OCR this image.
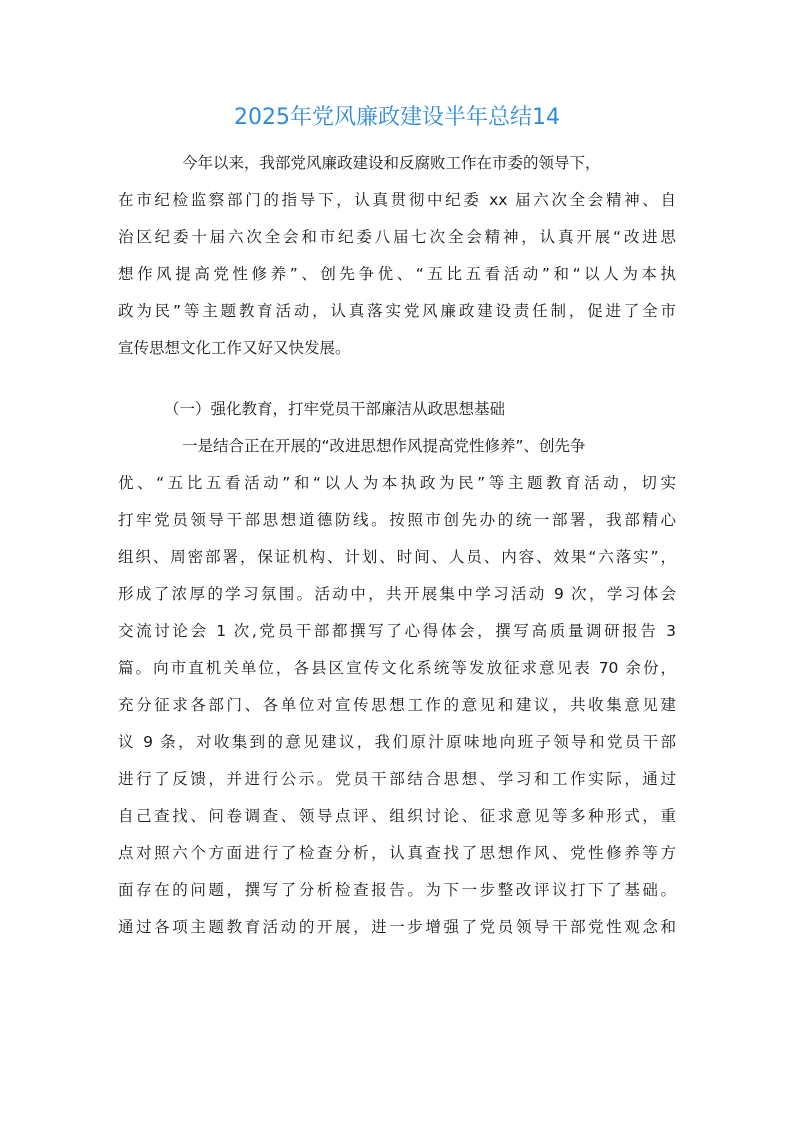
2025年党风廉政建设半年总结14
今年以来，我部党风廉政建设和反腐败工作在市委的领导下，
在市纪检监察部门的指导下，认真贯彻中纪委 xx 届六次全会精神、自
治区纪委十届六次全会和市纪委八届七次全会精神，认真开展“改进思
想作风提高党性修养”、创先争优、“五比五看活动”和“以人为本执
政为民”等主题教育活动，认真落实党风廉政建设责任制，促进了全市
宣传思想文化工作又好又快发展。
（一）强化教育，打牢党员干部廉洁从政思想基础
一是结合正在开展的“改进思想作风提高党性修养”、创先争
优、“五比五看活动”和“以人为本执政为民”等主题教育活动，切实
打牢党员领导干部思想道德防线。按照市创先办的统一部署，我部精心
组织、周密部署，保证机构、计划、时间、人员、内容、效果“六落实”，
形成了浓厚的学习氛围。活动中，共开展集中学习活动 9 次，学习体会
交流讨论会 1 次,党员干部都撰写了心得体会，撰写高质量调研报告 3
篇。向市直机关单位，各县区宣传文化系统等发放征求意见表 70 余份，
充分征求各部门、各单位对宣传思想工作的意见和建议，共收集意见建
议 9 条，对收集到的意见建议，我们原汁原味地向班子领导和党员干部
进行了反馈，并进行公示。党员干部结合思想、学习和工作实际，通过
自己查找、问卷调查、领导点评、组织讨论、征求意见等多种形式，重
点对照六个方面进行了检查分析，认真查找了思想作风、党性修养等方
面存在的问题，撰写了分析检查报告。为下一步整改评议打下了基础。
通过各项主题教育活动的开展，进一步增强了党员领导干部党性观念和
